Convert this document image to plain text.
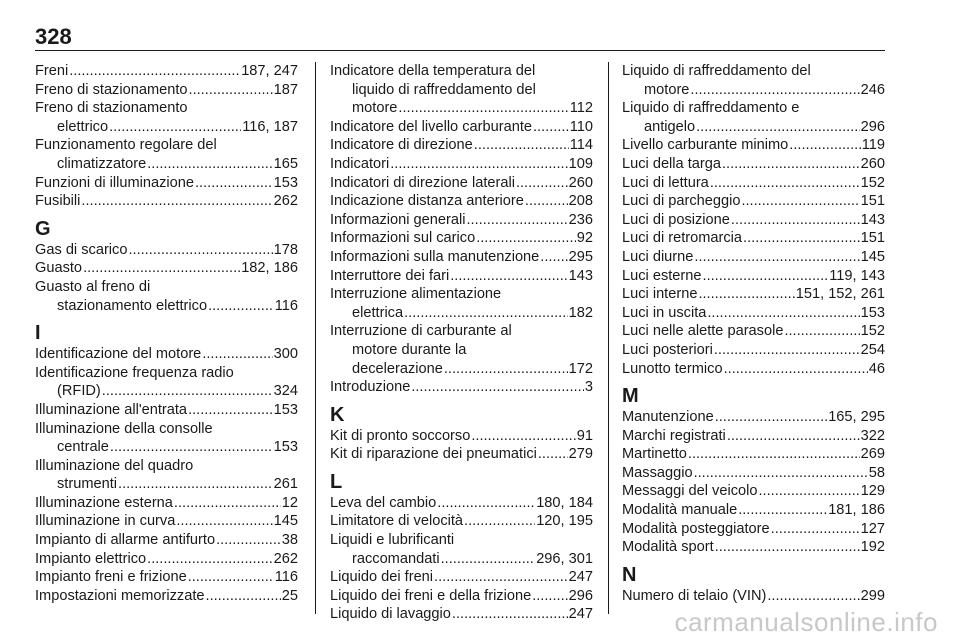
328
Freni .....	187, 247
Freno di stazionamento .....	187
Freno di stazionamento
elettrico .....	116, 187
Funzionamento regolare del
climatizzatore .....	165
Funzioni di illuminazione .....	153
Fusibili .....	262
G
Gas di scarico .....	178
Guasto .....	182, 186
Guasto al freno di
stazionamento elettrico .....	116
I
Identificazione del motore .....	300
Identificazione frequenza radio
(RFID) .....	324
Illuminazione all'entrata .....	153
Illuminazione della consolle
centrale .....	153
Illuminazione del quadro
strumenti .....	261
Illuminazione esterna .....	12
Illuminazione in curva .....	145
Impianto di allarme antifurto .....	38
Impianto elettrico .....	262
Impianto freni e frizione .....	116
Impostazioni memorizzate .....	25
Indicatore della temperatura del
liquido di raffreddamento del
motore .....	112
Indicatore del livello carburante .....	110
Indicatore di direzione .....	114
Indicatori .....	109
Indicatori di direzione laterali .....	260
Indicazione distanza anteriore .....	208
Informazioni generali .....	236
Informazioni sul carico .....	92
Informazioni sulla manutenzione ..... 295
Interruttore dei fari .....	143
Interruzione alimentazione
elettrica .....	182
Interruzione di carburante al
motore durante la
decelerazione .....	172
Introduzione .....	3
K
Kit di pronto soccorso .....	91
Kit di riparazione dei pneumatici ..... 279
L
Leva del cambio .....	180, 184
Limitatore di velocità .....	120, 195
Liquidi e lubrificanti
raccomandati .....	296, 301
Liquido dei freni .....	247
Liquido dei freni e della frizione .....	296
Liquido di lavaggio .....	247
Liquido di raffreddamento del
motore .....	246
Liquido di raffreddamento e
antigelo .....	296
Livello carburante minimo .....	119
Luci della targa .....	260
Luci di lettura .....	152
Luci di parcheggio .....	151
Luci di posizione .....	143
Luci di retromarcia .....	151
Luci diurne .....	145
Luci esterne .....	119, 143
Luci interne .....	151, 152, 261
Luci in uscita .....	153
Luci nelle alette parasole .....	152
Luci posteriori .....	254
Lunotto termico .....	46
M
Manutenzione .....	165, 295
Marchi registrati .....	322
Martinetto .....	269
Massaggio .....	58
Messaggi del veicolo .....	129
Modalità manuale .....	181, 186
Modalità posteggiatore .....	127
Modalità sport .....	192
N
Numero di telaio (VIN) .....	299
carmanualsonline.info
